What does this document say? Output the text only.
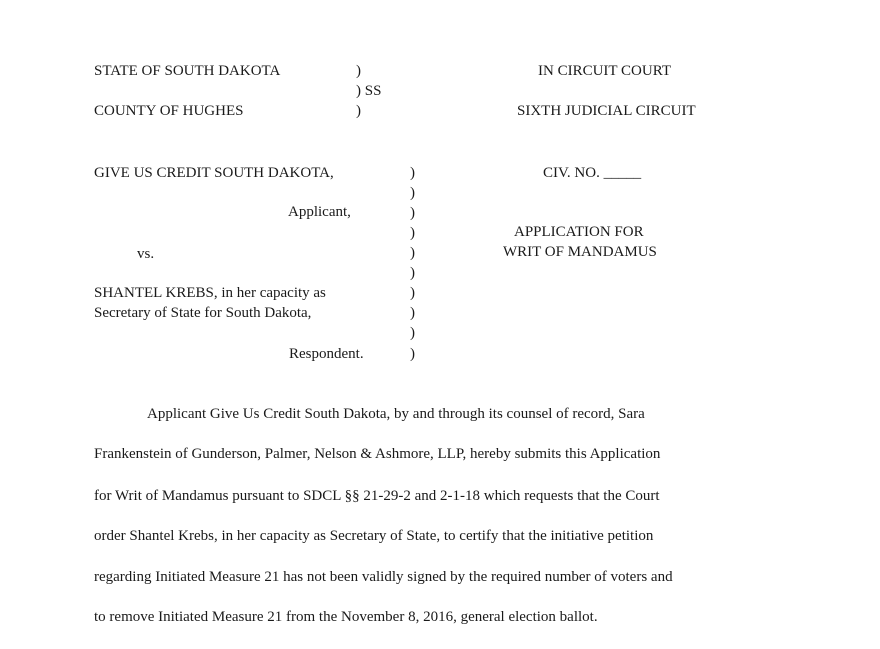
STATE OF SOUTH DAKOTA	)
) SS
COUNTY OF HUGHES	)
IN CIRCUIT COURT
SIXTH JUDICIAL CIRCUIT
GIVE US CREDIT SOUTH DAKOTA,
Applicant,
vs.
SHANTEL KREBS, in her capacity as
Secretary of State for South Dakota,
Respondent.
)
)
)
)
)
)
)
)
)
)
CIV. NO. _____
APPLICATION FOR
WRIT OF MANDAMUS
Applicant Give Us Credit South Dakota, by and through its counsel of record, Sara
Frankenstein of Gunderson, Palmer, Nelson & Ashmore, LLP, hereby submits this Application
for Writ of Mandamus pursuant to SDCL §§ 21-29-2 and 2-1-18 which requests that the Court
order Shantel Krebs, in her capacity as Secretary of State, to certify that the initiative petition
regarding Initiated Measure 21 has not been validly signed by the required number of voters and
to remove Initiated Measure 21 from the November 8, 2016, general election ballot.
